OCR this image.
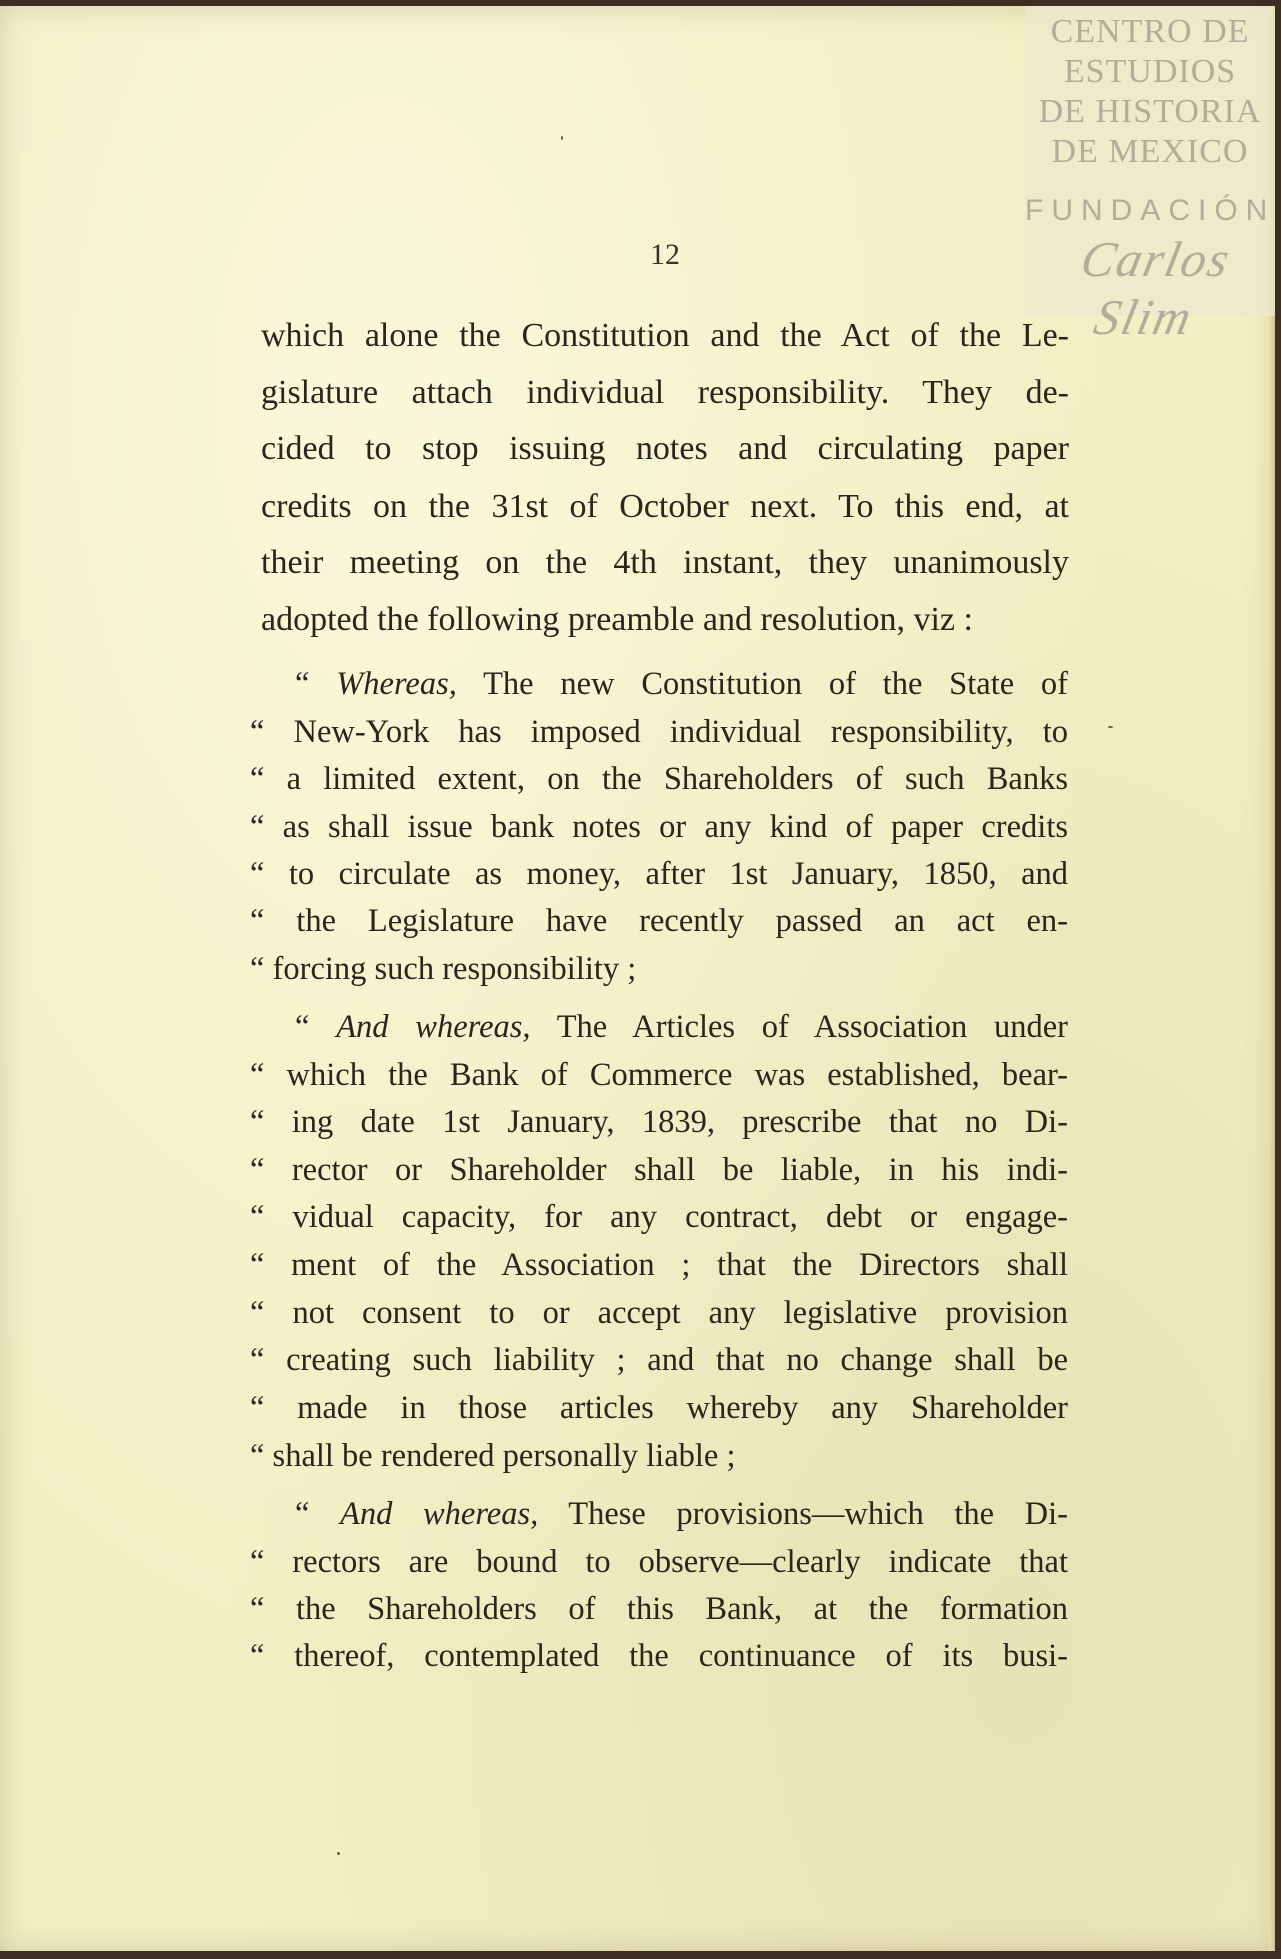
CENTRO DE
ESTUDIOS
DE HISTORIA
DE MEXICO
FUNDACIÓN
Carlos Slim
12
which alone the Constitution and the Act of the Le-
gislature attach individual responsibility. They de-
cided to stop issuing notes and circulating paper
credits on the 31st of October next. To this end, at
their meeting on the 4th instant, they unanimously
adopted the following preamble and resolution, viz :
“ Whereas, The new Constitution of the State of
“ New-York has imposed individual responsibility, to
“ a limited extent, on the Shareholders of such Banks
“ as shall issue bank notes or any kind of paper credits
“ to circulate as money, after 1st January, 1850, and
“ the Legislature have recently passed an act en-
“ forcing such responsibility ;
“ And whereas, The Articles of Association under
“ which the Bank of Commerce was established, bear-
“ ing date 1st January, 1839, prescribe that no Di-
“ rector or Shareholder shall be liable, in his indi-
“ vidual capacity, for any contract, debt or engage-
“ ment of the Association ; that the Directors shall
“ not consent to or accept any legislative provision
“ creating such liability ; and that no change shall be
“ made in those articles whereby any Shareholder
“ shall be rendered personally liable ;
“ And whereas, These provisions—which the Di-
“ rectors are bound to observe—clearly indicate that
“ the Shareholders of this Bank, at the formation
“ thereof, contemplated the continuance of its busi-
